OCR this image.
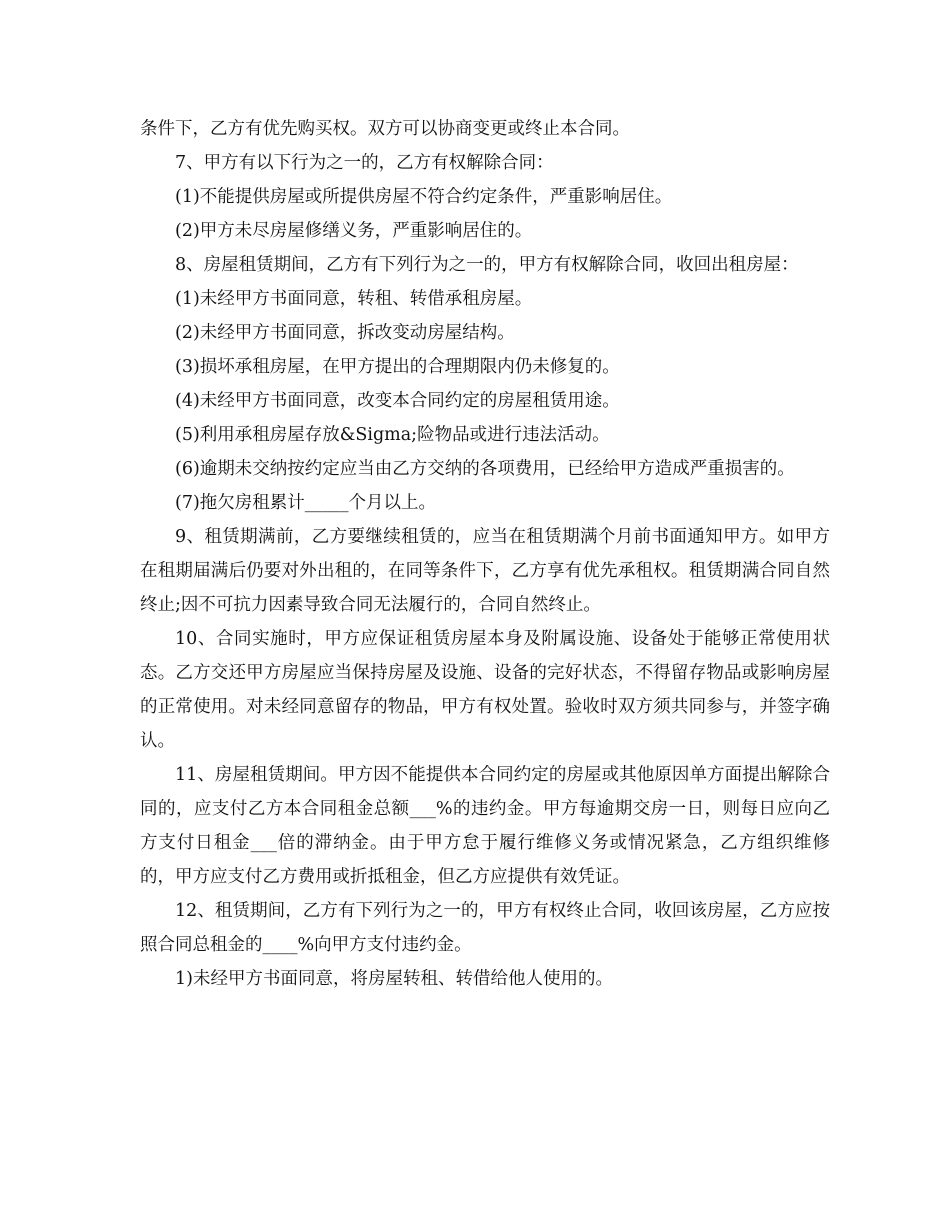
条件下，乙方有优先购买权。双方可以协商变更或终止本合同。

7、甲方有以下行为之一的，乙方有权解除合同：

(1)不能提供房屋或所提供房屋不符合约定条件，严重影响居住。

(2)甲方未尽房屋修缮义务，严重影响居住的。

8、房屋租赁期间，乙方有下列行为之一的，甲方有权解除合同，收回出租房屋：

(1)未经甲方书面同意，转租、转借承租房屋。

(2)未经甲方书面同意，拆改变动房屋结构。

(3)损坏承租房屋，在甲方提出的合理期限内仍未修复的。

(4)未经甲方书面同意，改变本合同约定的房屋租赁用途。

(5)利用承租房屋存放&Sigma;险物品或进行违法活动。

(6)逾期未交纳按约定应当由乙方交纳的各项费用，已经给甲方造成严重损害的。

(7)拖欠房租累计_____个月以上。

9、租赁期满前，乙方要继续租赁的，应当在租赁期满个月前书面通知甲方。如甲方在租期届满后仍要对外出租的，在同等条件下，乙方享有优先承租权。租赁期满合同自然终止;因不可抗力因素导致合同无法履行的，合同自然终止。

10、合同实施时，甲方应保证租赁房屋本身及附属设施、设备处于能够正常使用状态。乙方交还甲方房屋应当保持房屋及设施、设备的完好状态，不得留存物品或影响房屋的正常使用。对未经同意留存的物品，甲方有权处置。验收时双方须共同参与，并签字确认。

11、房屋租赁期间。甲方因不能提供本合同约定的房屋或其他原因单方面提出解除合同的，应支付乙方本合同租金总额___%的违约金。甲方每逾期交房一日，则每日应向乙方支付日租金___倍的滞纳金。由于甲方怠于履行维修义务或情况紧急，乙方组织维修的，甲方应支付乙方费用或折抵租金，但乙方应提供有效凭证。

12、租赁期间，乙方有下列行为之一的，甲方有权终止合同，收回该房屋，乙方应按照合同总租金的____%向甲方支付违约金。

1)未经甲方书面同意，将房屋转租、转借给他人使用的。
